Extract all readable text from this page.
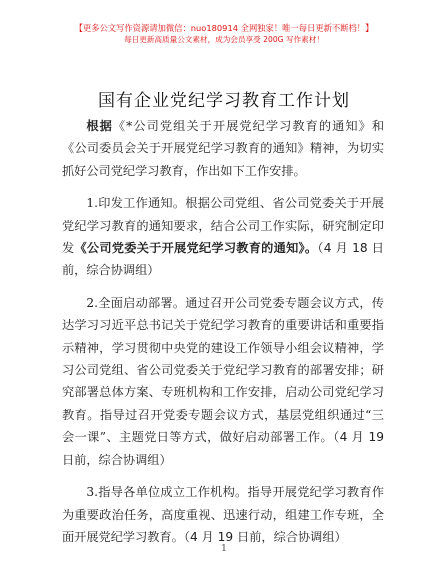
【更多公文写作资源请加微信：nuo180914 全网独家！唯一每日更新不断档！】
每日更新高质量公文素材，成为会员享受 200G 写作素材！
国有企业党纪学习教育工作计划

根据《*公司党组关于开展党纪学习教育的通知》和《公司委员会关于开展党纪学习教育的通知》精神，为切实抓好公司党纪学习教育，作出如下工作安排。

1.印发工作通知。根据公司党组、省公司党委关于开展党纪学习教育的通知要求，结合公司工作实际，研究制定印发《公司党委关于开展党纪学习教育的通知》。（4 月 18 日前，综合协调组）

2.全面启动部署。通过召开公司党委专题会议方式，传达学习习近平总书记关于党纪学习教育的重要讲话和重要指示精神，学习贯彻中央党的建设工作领导小组会议精神，学习公司党组、省公司党委关于党纪学习教育的部署安排；研究部署总体方案、专班机构和工作安排，启动公司党纪学习教育。指导过召开党委专题会议方式，基层党组织通过“三会一课”、主题党日等方式，做好启动部署工作。（4 月 19 日前，综合协调组）

3.指导各单位成立工作机构。指导开展党纪学习教育作为重要政治任务，高度重视、迅速行动，组建工作专班，全面开展党纪学习教育。（4 月 19 日前，综合协调组）

1
